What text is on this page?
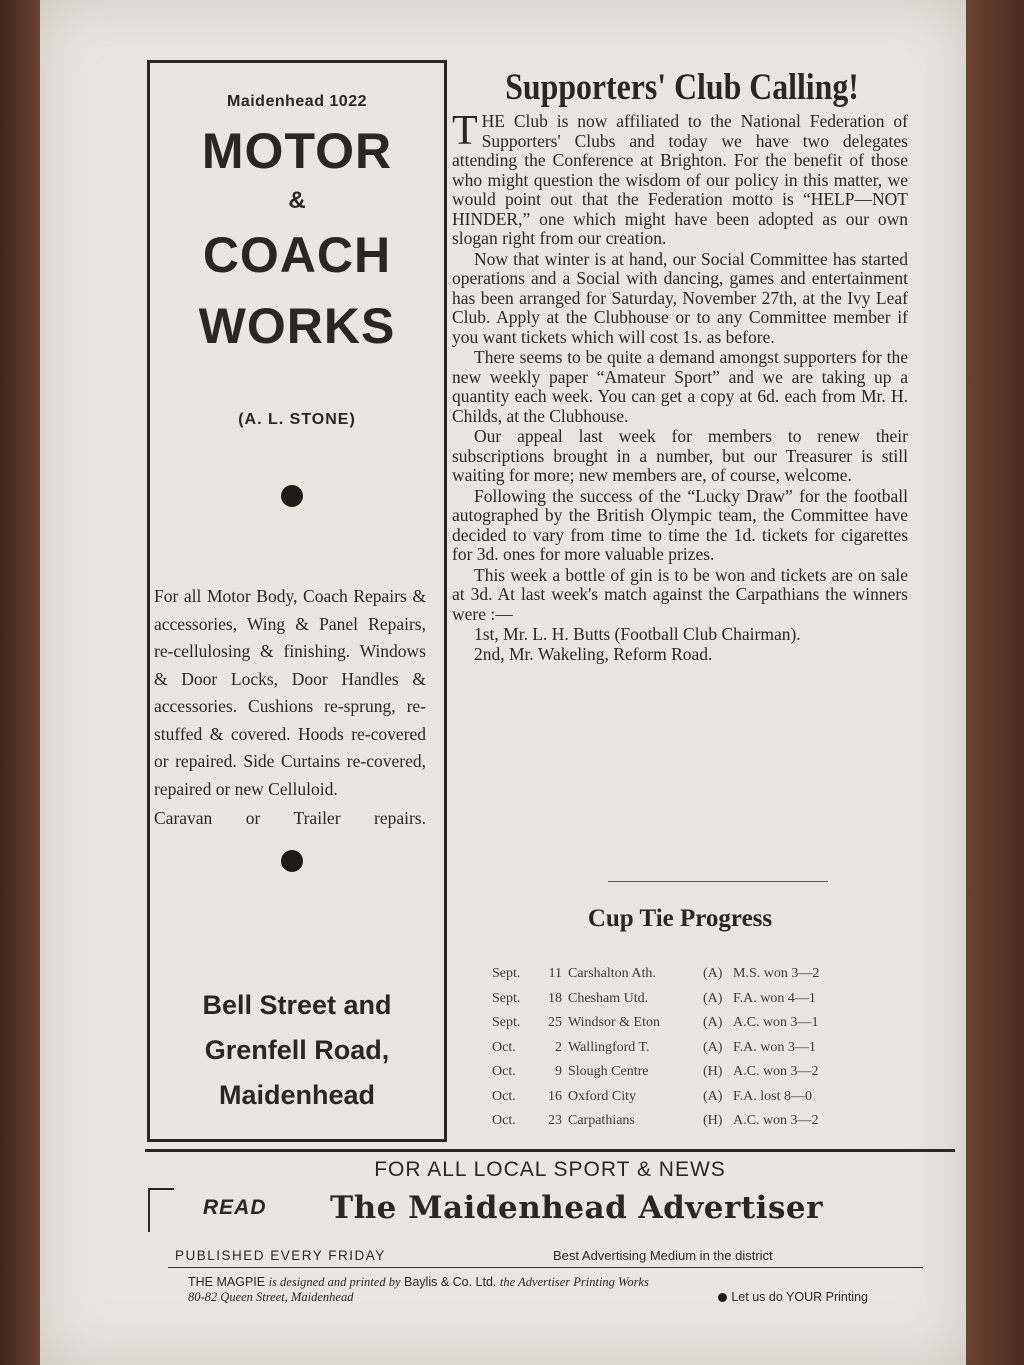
Maidenhead 1022
MOTOR
&
COACH
WORKS
(A. L. STONE)
For all Motor Body, Coach Repairs & accessories, Wing & Panel Repairs, re-cellulosing & finishing. Windows & Door Locks, Door Handles & accessories. Cushions re-sprung, re-stuffed & covered. Hoods re-covered or repaired. Side Curtains re-covered, repaired or new Celluloid.
Caravan or Trailer repairs.
Bell Street and
Grenfell Road,
Maidenhead
Supporters' Club Calling!

THE Club is now affiliated to the National Federation of Supporters' Clubs and today we have two delegates attending the Conference at Brighton. For the benefit of those who might question the wisdom of our policy in this matter, we would point out that the Federation motto is “HELP—NOT HINDER,” one which might have been adopted as our own slogan right from our creation.

Now that winter is at hand, our Social Committee has started operations and a Social with dancing, games and entertainment has been arranged for Saturday, November 27th, at the Ivy Leaf Club. Apply at the Clubhouse or to any Committee member if you want tickets which will cost 1s. as before.

There seems to be quite a demand amongst supporters for the new weekly paper “Amateur Sport” and we are taking up a quantity each week. You can get a copy at 6d. each from Mr. H. Childs, at the Clubhouse.

Our appeal last week for members to renew their subscriptions brought in a number, but our Treasurer is still waiting for more; new members are, of course, welcome.

Following the success of the “Lucky Draw” for the football autographed by the British Olympic team, the Committee have decided to vary from time to time the 1d. tickets for cigarettes for 3d. ones for more valuable prizes.

This week a bottle of gin is to be won and tickets are on sale at 3d. At last week's match against the Carpathians the winners were :—

1st, Mr. L. H. Butts (Football Club Chairman).
2nd, Mr. Wakeling, Reform Road.
Cup Tie Progress
Sept.	11	Carshalton Ath.	(A)	M.S. won 3—2
Sept.	18	Chesham Utd.	(A)	F.A. won 4—1
Sept.	25	Windsor & Eton	(A)	A.C. won 3—1
Oct.	2	Wallingford T.	(A)	F.A. won 3—1
Oct.	9	Slough Centre	(H)	A.C. won 3—2
Oct.	16	Oxford City	(A)	F.A. lost 8—0
Oct.	23	Carpathians	(H)	A.C. won 3—2
FOR ALL LOCAL SPORT & NEWS
READ The Maidenhead Advertiser
PUBLISHED EVERY FRIDAY	Best Advertising Medium in the district
THE MAGPIE is designed and printed by Baylis & Co. Ltd. the Advertiser Printing Works
80-82 Queen Street, Maidenhead	Let us do YOUR Printing
